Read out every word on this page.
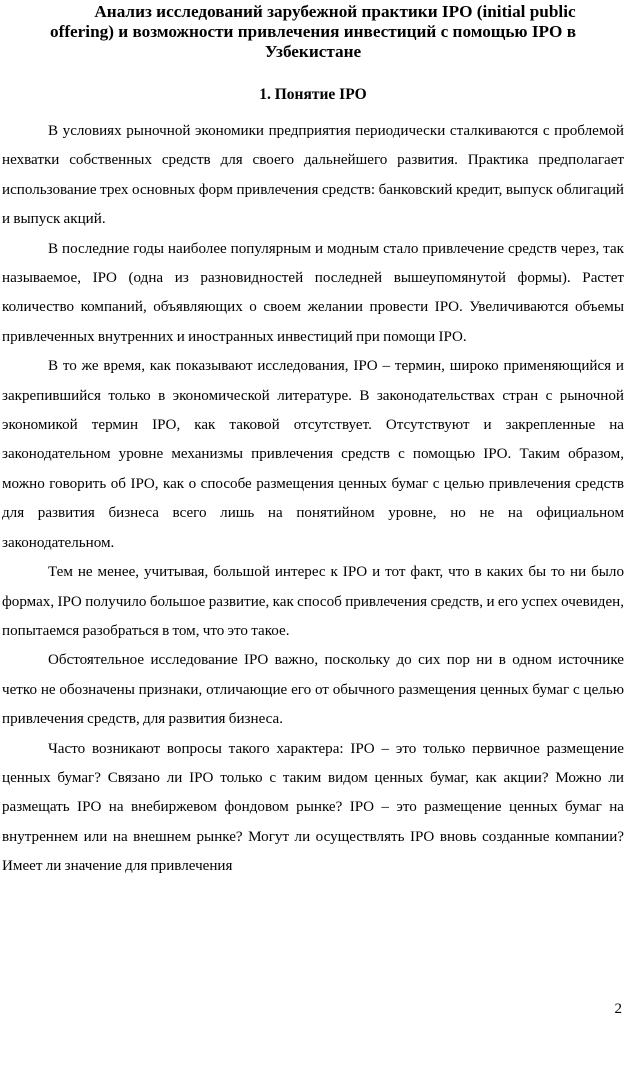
Анализ исследований зарубежной практики IPO (initial public
offering) и возможности привлечения инвестиций с помощью IPO в Узбекистане
1. Понятие IPO

В условиях рыночной экономики предприятия периодически сталкиваются с проблемой нехватки собственных средств для своего дальнейшего развития. Практика предполагает использование трех основных форм привлечения средств: банковский кредит, выпуск облигаций и выпуск акций.

В последние годы наиболее популярным и модным стало привлечение средств через, так называемое, IPO (одна из разновидностей последней вышеупомянутой формы). Растет количество компаний, объявляющих о своем желании провести IPO. Увеличиваются объемы привлеченных внутренних и иностранных инвестиций при помощи IPO.

В то же время, как показывают исследования, IPO – термин, широко применяющийся и закрепившийся только в экономической литературе. В законодательствах стран с рыночной экономикой термин IPO, как таковой отсутствует. Отсутствуют и закрепленные на законодательном уровне механизмы привлечения средств с помощью IPO. Таким образом, можно говорить об IPO, как о способе размещения ценных бумаг с целью привлечения средств для развития бизнеса всего лишь на понятийном уровне, но не на официальном законодательном.

Тем не менее, учитывая, большой интерес к IPO и тот факт, что в каких бы то ни было формах, IPO получило большое развитие, как способ привлечения средств, и его успех очевиден, попытаемся разобраться в том, что это такое.

Обстоятельное исследование IPO важно, поскольку до сих пор ни в одном источнике четко не обозначены признаки, отличающие его от обычного размещения ценных бумаг с целью привлечения средств, для развития бизнеса.

Часто возникают вопросы такого характера: IPO – это только первичное размещение ценных бумаг? Связано ли IPO только с таким видом ценных бумаг, как акции? Можно ли размещать IPO на внебиржевом фондовом рынке? IPO – это размещение ценных бумаг на внутреннем или на внешнем рынке? Могут ли осуществлять IPO вновь созданные компании? Имеет ли значение для привлечения

2
